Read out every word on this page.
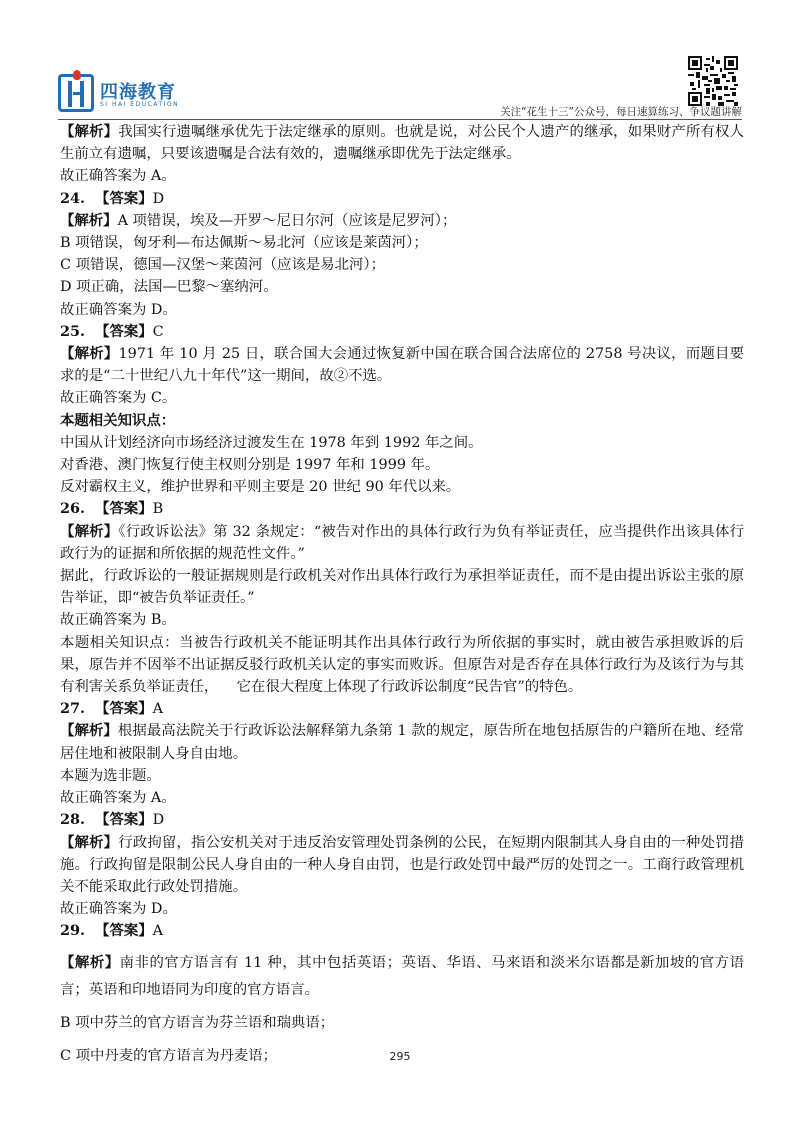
四海教育
SI HAI EDUCATION
关注“花生十三”公众号，每日速算练习、争议题讲解

【解析】我国实行遗嘱继承优先于法定继承的原则。也就是说，对公民个人遗产的继承，如果财产所有权人生前立有遗嘱，只要该遗嘱是合法有效的，遗嘱继承即优先于法定继承。

故正确答案为 A。

24.  【答案】D

【解析】A 项错误，埃及—开罗～尼日尔河（应该是尼罗河）；

B 项错误，匈牙利—布达佩斯～易北河（应该是莱茵河）；

C 项错误，德国—汉堡～莱茵河（应该是易北河）；

D 项正确，法国—巴黎～塞纳河。

故正确答案为 D。

25.  【答案】C

【解析】1971 年 10 月 25 日，联合国大会通过恢复新中国在联合国合法席位的 2758 号决议，而题目要求的是“二十世纪八九十年代”这一期间，故②不选。

故正确答案为 C。

本题相关知识点：

中国从计划经济向市场经济过渡发生在 1978 年到 1992 年之间。

对香港、澳门恢复行使主权则分别是 1997 年和 1999 年。

反对霸权主义，维护世界和平则主要是 20 世纪 90 年代以来。

26.  【答案】B

【解析】《行政诉讼法》第 32 条规定：“被告对作出的具体行政行为负有举证责任，应当提供作出该具体行政行为的证据和所依据的规范性文件。”

据此，行政诉讼的一般证据规则是行政机关对作出具体行政行为承担举证责任，而不是由提出诉讼主张的原告举证，即“被告负举证责任。”

故正确答案为 B。

本题相关知识点：当被告行政机关不能证明其作出具体行政行为所依据的事实时，就由被告承担败诉的后果，原告并不因举不出证据反驳行政机关认定的事实而败诉。但原告对是否存在具体行政行为及该行为与其有利害关系负举证责任，    它在很大程度上体现了行政诉讼制度“民告官”的特色。

27.  【答案】A

【解析】根据最高法院关于行政诉讼法解释第九条第 1 款的规定，原告所在地包括原告的户籍所在地、经常居住地和被限制人身自由地。

本题为选非题。

故正确答案为 A。

28.  【答案】D

【解析】行政拘留，指公安机关对于违反治安管理处罚条例的公民，在短期内限制其人身自由的一种处罚措施。行政拘留是限制公民人身自由的一种人身自由罚，也是行政处罚中最严厉的处罚之一。工商行政管理机关不能采取此行政处罚措施。

故正确答案为 D。

29.  【答案】A

【解析】南非的官方语言有 11 种，其中包括英语；英语、华语、马来语和淡米尔语都是新加坡的官方语言；英语和印地语同为印度的官方语言。

B 项中芬兰的官方语言为芬兰语和瑞典语；

C 项中丹麦的官方语言为丹麦语；	295
